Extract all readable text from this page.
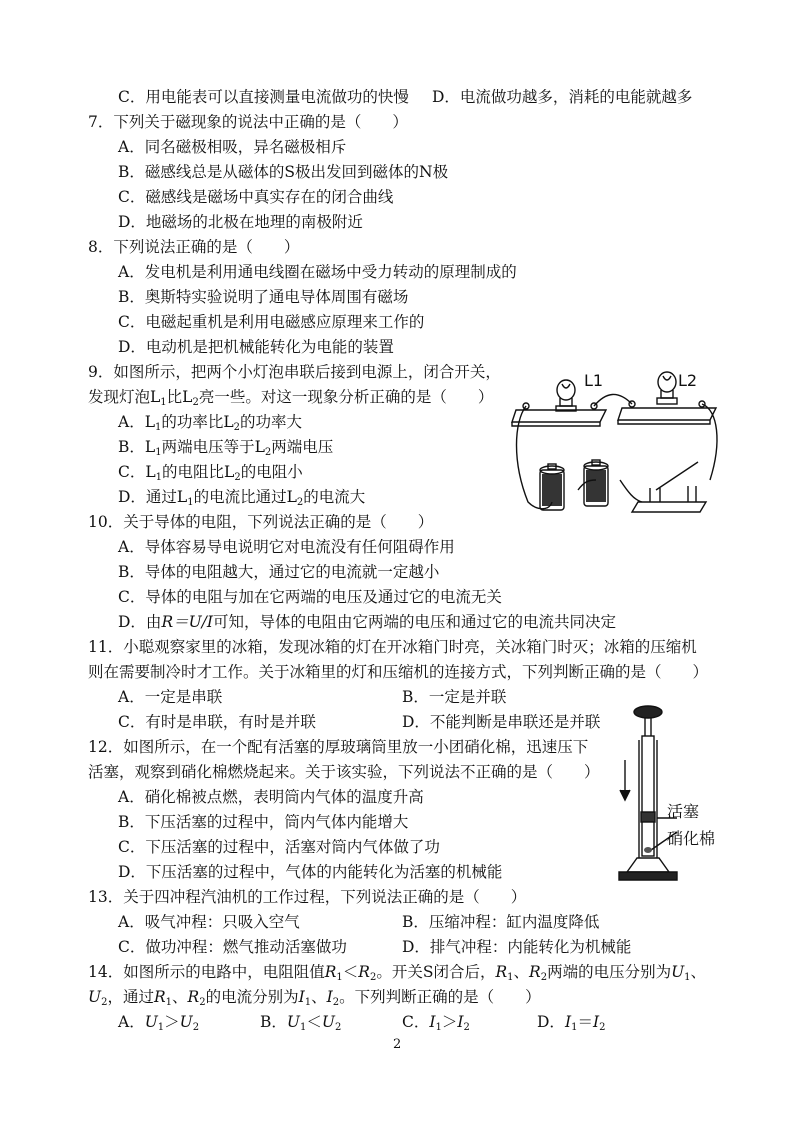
C．用电能表可以直接测量电流做功的快慢 D．电流做功越多，消耗的电能就越多
7．下列关于磁现象的说法中正确的是（　　）
A．同名磁极相吸，异名磁极相斥
B．磁感线总是从磁体的S极出发回到磁体的N极
C．磁感线是磁场中真实存在的闭合曲线
D．地磁场的北极在地理的南极附近
8．下列说法正确的是（　　）
A．发电机是利用通电线圈在磁场中受力转动的原理制成的
B．奥斯特实验说明了通电导体周围有磁场
C．电磁起重机是利用电磁感应原理来工作的
D．电动机是把机械能转化为电能的装置
9．如图所示，把两个小灯泡串联后接到电源上，闭合开关，
发现灯泡$L_1$比$L_2$亮一些。对这一现象分析正确的是（　　）
A．$L_1$的功率比$L_2$的功率大
B．$L_1$两端电压等于$L_2$两端电压
C．$L_1$的电阻比$L_2$的电阻小
D．通过$L_1$的电流比通过$L_2$的电流大
L1	L2
10．关于导体的电阻，下列说法正确的是（　　）
A．导体容易导电说明它对电流没有任何阻碍作用
B．导体的电阻越大，通过它的电流就一定越小
C．导体的电阻与加在它两端的电压及通过它的电流无关
D．由R＝U/I可知，导体的电阻由它两端的电压和通过它的电流共同决定
11．小聪观察家里的冰箱，发现冰箱的灯在开冰箱门时亮，关冰箱门时灭；冰箱的压缩机
则在需要制冷时才工作。关于冰箱里的灯和压缩机的连接方式，下列判断正确的是（　　）
A．一定是串联	B．一定是并联
C．有时是串联，有时是并联	D．不能判断是串联还是并联
12．如图所示，在一个配有活塞的厚玻璃筒里放一小团硝化棉，迅速压下
活塞，观察到硝化棉燃烧起来。关于该实验，下列说法不正确的是（　　）
A．硝化棉被点燃，表明筒内气体的温度升高
B．下压活塞的过程中，筒内气体内能增大
C．下压活塞的过程中，活塞对筒内气体做了功
D．下压活塞的过程中，气体的内能转化为活塞的机械能
活塞
硝化棉
13．关于四冲程汽油机的工作过程，下列说法正确的是（　　）
A．吸气冲程：只吸入空气	B．压缩冲程：缸内温度降低
C．做功冲程：燃气推动活塞做功	D．排气冲程：内能转化为机械能
14．如图所示的电路中，电阻阻值$R_1<R_2$。开关S闭合后，$R_1$、$R_2$两端的电压分别为$U_1$、
$U_2$，通过$R_1$、$R_2$的电流分别为$I_1$、$I_2$。下列判断正确的是（　　）
A．$U_1>U_2$	B．$U_1<U_2$	C．$I_1>I_2$	D．$I_1=I_2$
2
